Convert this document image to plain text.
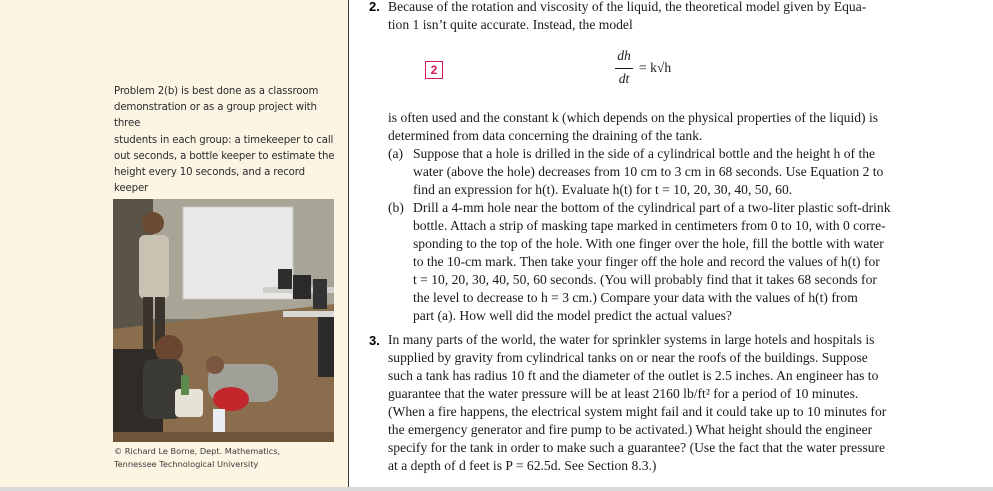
Problem 2(b) is best done as a classroom
demonstration or as a group project with three
students in each group: a timekeeper to call
out seconds, a bottle keeper to estimate the
height every 10 seconds, and a record keeper
© Richard Le Borne, Dept. Mathematics,
Tennessee Technological University
2. Because of the rotation and viscosity of the liquid, the theoretical model given by Equa-
tion 1 isn’t quite accurate. Instead, the model
2
dh
dt
= k√h
is often used and the constant k (which depends on the physical properties of the liquid) is
determined from data concerning the draining of the tank.
(a) Suppose that a hole is drilled in the side of a cylindrical bottle and the height h of the
water (above the hole) decreases from 10 cm to 3 cm in 68 seconds. Use Equation 2 to
find an expression for h(t). Evaluate h(t) for t = 10, 20, 30, 40, 50, 60.
(b) Drill a 4-mm hole near the bottom of the cylindrical part of a two-liter plastic soft-drink
bottle. Attach a strip of masking tape marked in centimeters from 0 to 10, with 0 corre-
sponding to the top of the hole. With one finger over the hole, fill the bottle with water
to the 10-cm mark. Then take your finger off the hole and record the values of h(t) for
t = 10, 20, 30, 40, 50, 60 seconds. (You will probably find that it takes 68 seconds for
the level to decrease to h = 3 cm.) Compare your data with the values of h(t) from
part (a). How well did the model predict the actual values?
3. In many parts of the world, the water for sprinkler systems in large hotels and hospitals is
supplied by gravity from cylindrical tanks on or near the roofs of the buildings. Suppose
such a tank has radius 10 ft and the diameter of the outlet is 2.5 inches. An engineer has to
guarantee that the water pressure will be at least 2160 lb/ft² for a period of 10 minutes.
(When a fire happens, the electrical system might fail and it could take up to 10 minutes for
the emergency generator and fire pump to be activated.) What height should the engineer
specify for the tank in order to make such a guarantee? (Use the fact that the water pressure
at a depth of d feet is P = 62.5d. See Section 8.3.)
